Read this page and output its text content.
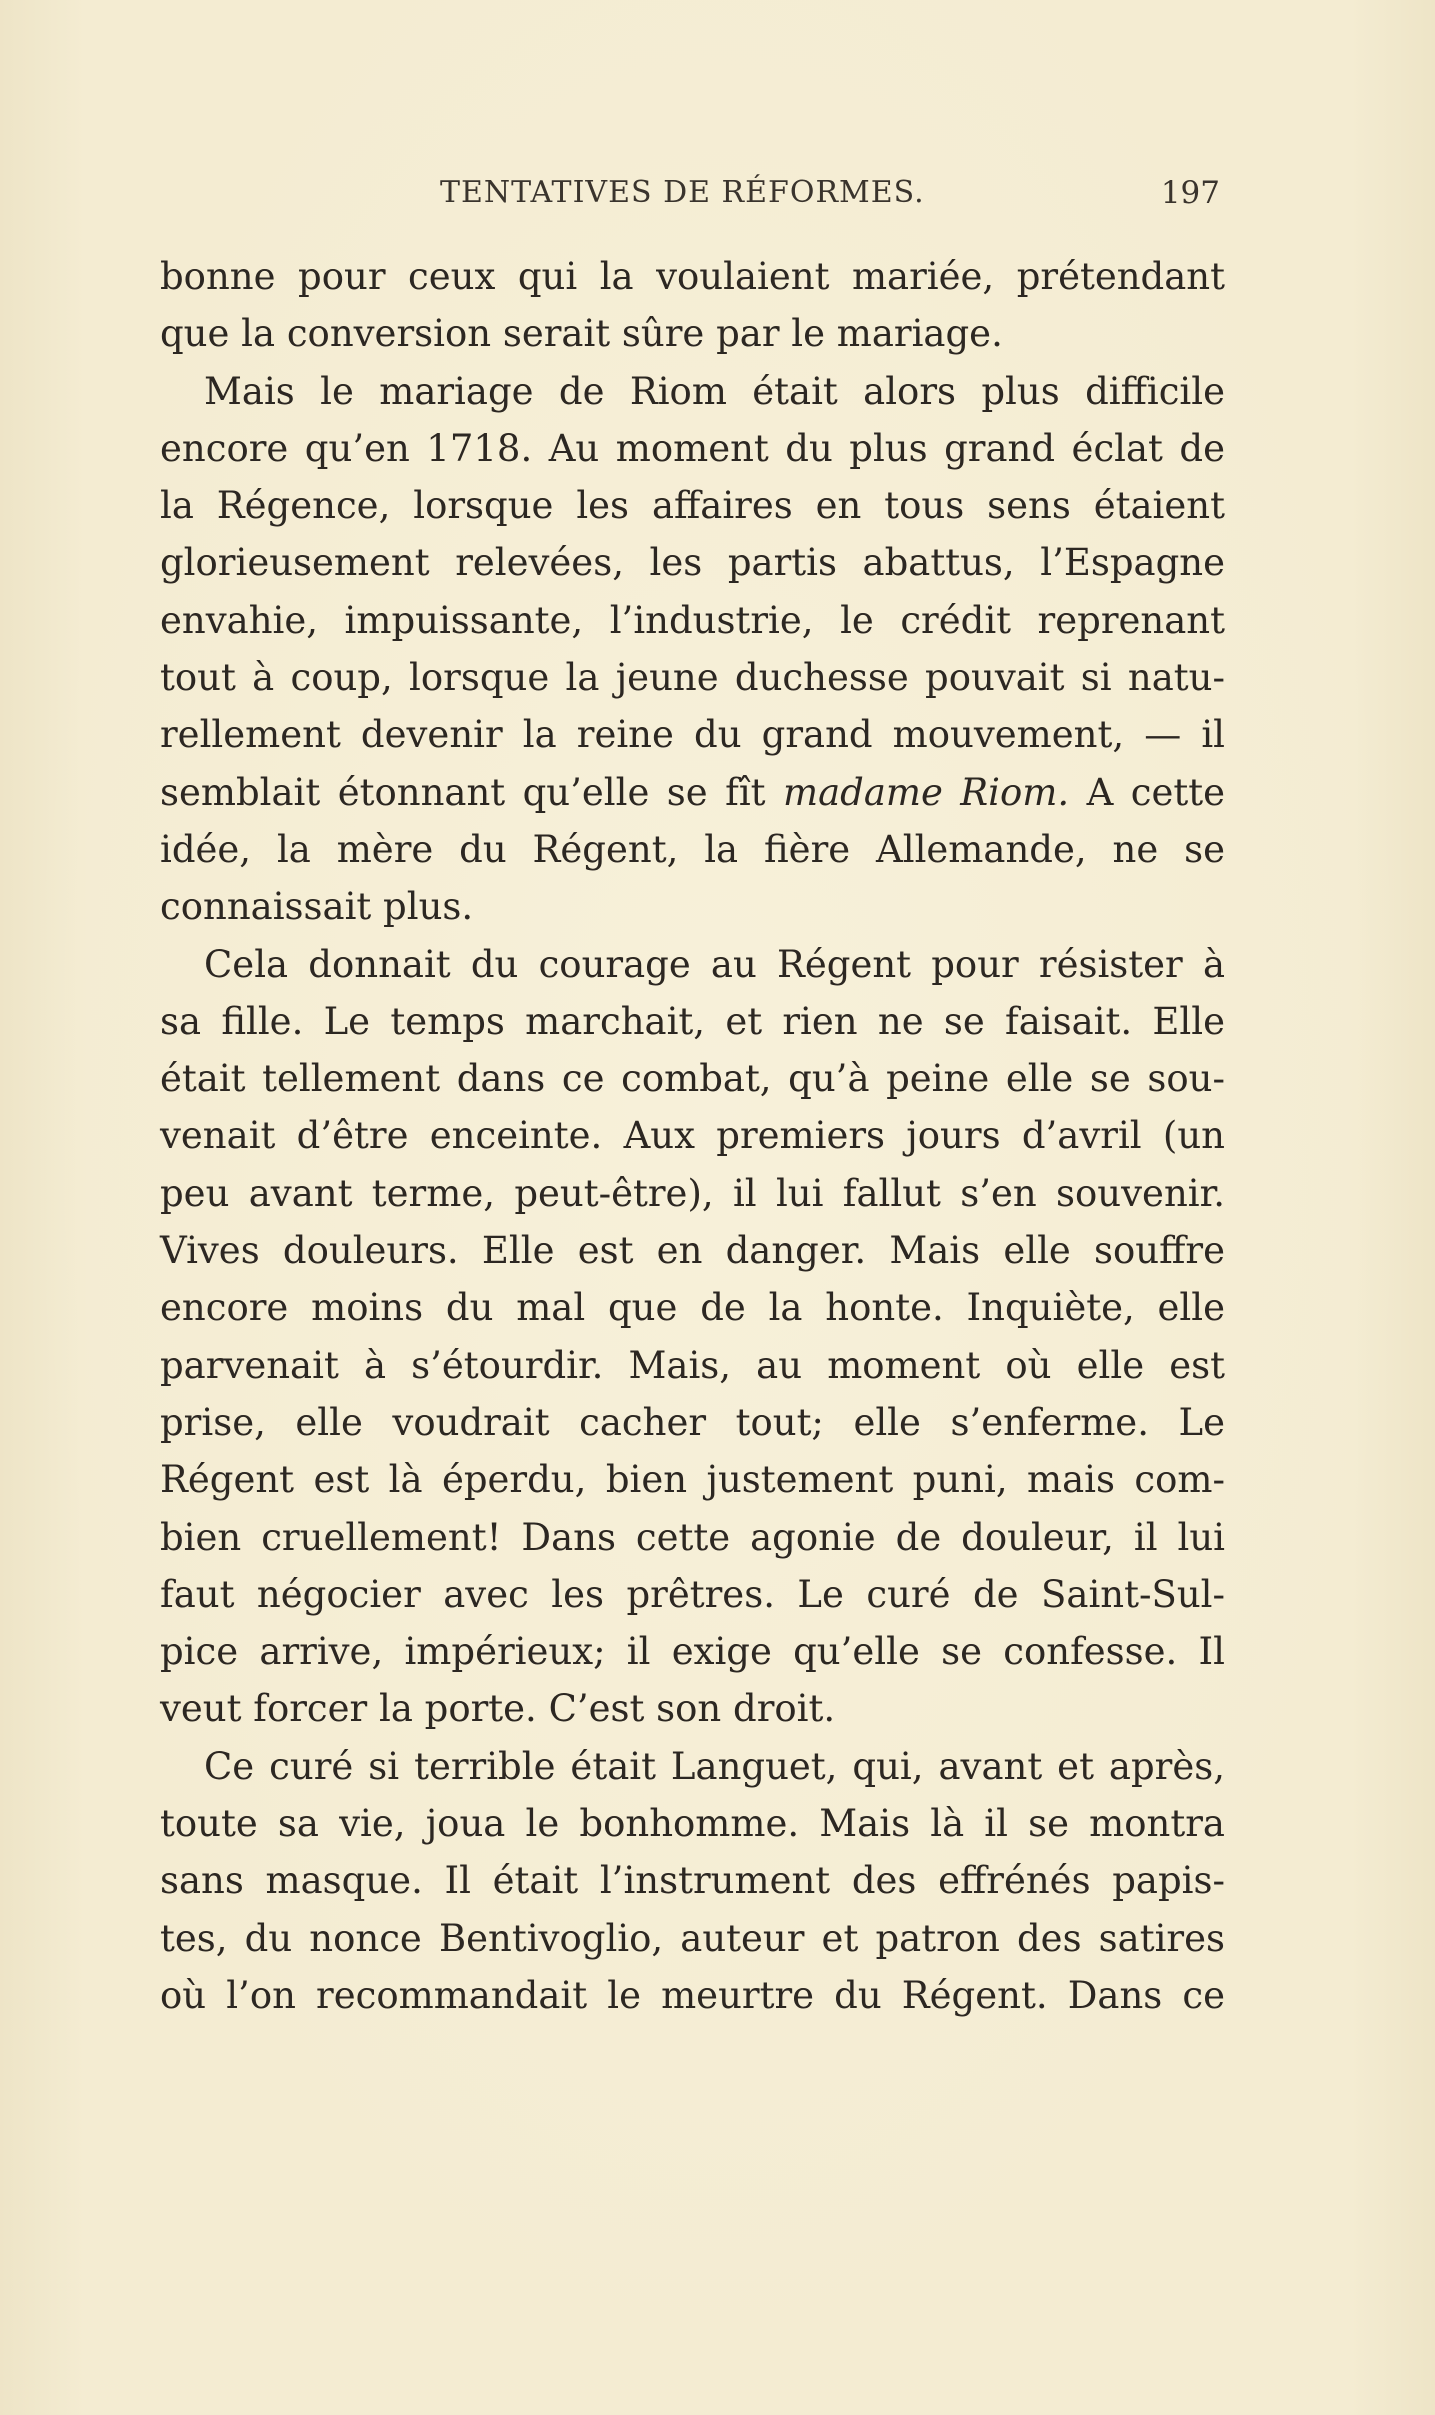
TENTATIVES DE RÉFORMES.	197
bonne pour ceux qui la voulaient mariée, prétendant
que la conversion serait sûre par le mariage.
Mais le mariage de Riom était alors plus difficile
encore qu’en 1718. Au moment du plus grand éclat de
la Régence, lorsque les affaires en tous sens étaient
glorieusement relevées, les partis abattus, l’Espagne
envahie, impuissante, l’industrie, le crédit reprenant
tout à coup, lorsque la jeune duchesse pouvait si natu-
rellement devenir la reine du grand mouvement, — il
semblait étonnant qu’elle se fît madame Riom. A cette
idée, la mère du Régent, la fière Allemande, ne se
connaissait plus.
Cela donnait du courage au Régent pour résister à
sa fille. Le temps marchait, et rien ne se faisait. Elle
était tellement dans ce combat, qu’à peine elle se sou-
venait d’être enceinte. Aux premiers jours d’avril (un
peu avant terme, peut-être), il lui fallut s’en souvenir.
Vives douleurs. Elle est en danger. Mais elle souffre
encore moins du mal que de la honte. Inquiète, elle
parvenait à s’étourdir. Mais, au moment où elle est
prise, elle voudrait cacher tout; elle s’enferme. Le
Régent est là éperdu, bien justement puni, mais com-
bien cruellement! Dans cette agonie de douleur, il lui
faut négocier avec les prêtres. Le curé de Saint-Sul-
pice arrive, impérieux; il exige qu’elle se confesse. Il
veut forcer la porte. C’est son droit.
Ce curé si terrible était Languet, qui, avant et après,
toute sa vie, joua le bonhomme. Mais là il se montra
sans masque. Il était l’instrument des effrénés papis-
tes, du nonce Bentivoglio, auteur et patron des satires
où l’on recommandait le meurtre du Régent. Dans ce
